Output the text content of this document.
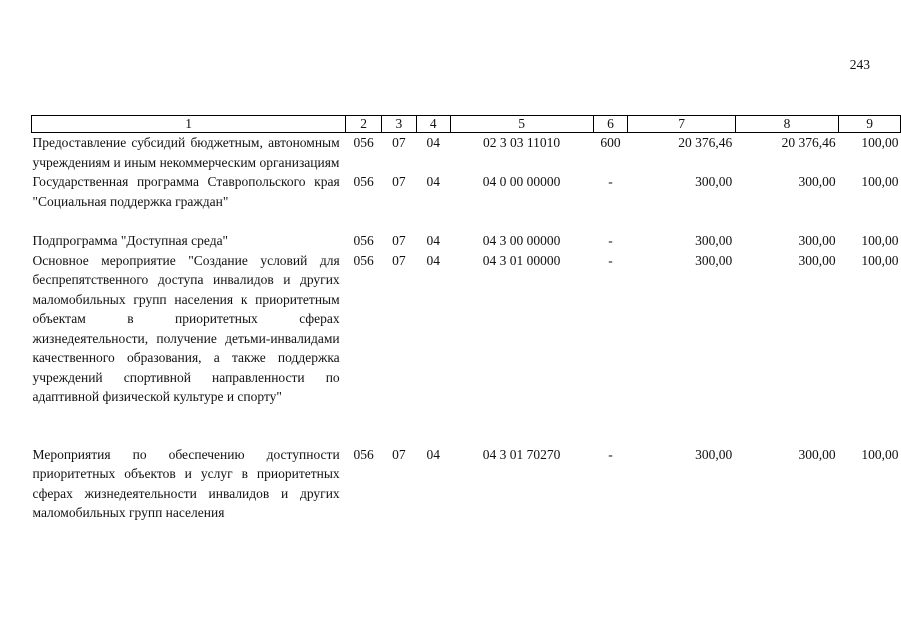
243
1	2	3	4	5	6	7	8	9
Предоставление субсидий бюджетным, автономным учреждениям и иным некоммерческим организациям	056	07	04	02 3 03 11010	600	20 376,46	20 376,46	100,00
Государственная программа Ставропольского края "Социальная поддержка граждан"	056	07	04	04 0 00 00000	-	300,00	300,00	100,00
Подпрограмма "Доступная среда"	056	07	04	04 3 00 00000	-	300,00	300,00	100,00
Основное мероприятие "Создание условий для беспрепятственного доступа инвалидов и других маломобильных групп населения к приоритетным объектам в приоритетных сферах жизнедеятельности, получение детьми-инвалидами качественного образования, а также поддержка учреждений спортивной направленности по адаптивной физической культуре и спорту"	056	07	04	04 3 01 00000	-	300,00	300,00	100,00
Мероприятия по обеспечению доступности приоритетных объектов и услуг в приоритетных сферах жизнедеятельности инвалидов и других маломобильных групп населения	056	07	04	04 3 01 70270	-	300,00	300,00	100,00
